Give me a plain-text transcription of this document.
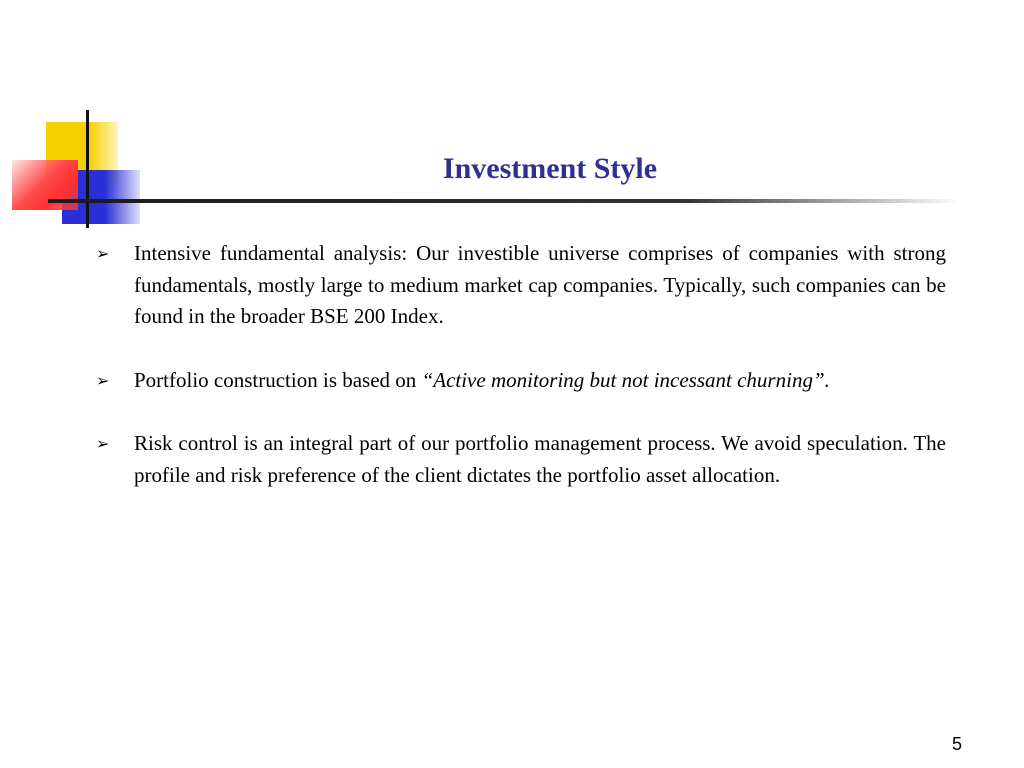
Investment Style
➢ Intensive fundamental analysis: Our investible universe comprises of companies with strong fundamentals, mostly large to medium market cap companies. Typically, such companies can be found in the broader BSE 200 Index.
➢ Portfolio construction is based on “Active monitoring but not incessant churning”.
➢ Risk control is an integral part of our portfolio management process. We avoid speculation. The profile and risk preference of the client dictates the portfolio asset allocation.
5
